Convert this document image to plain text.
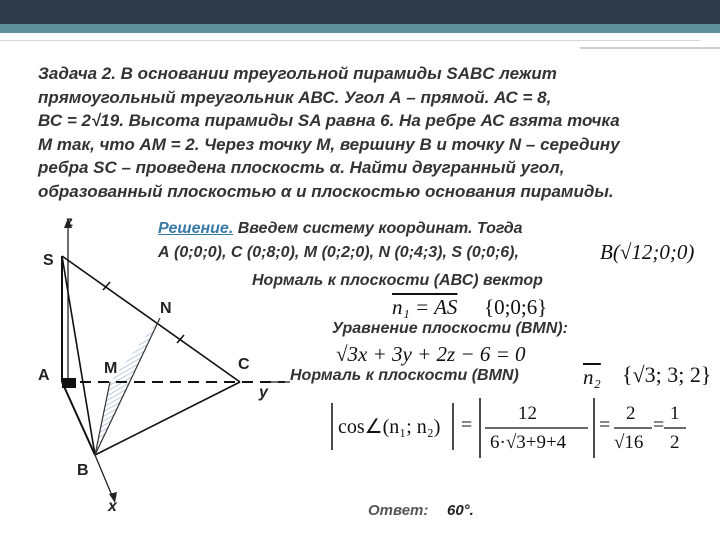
Задача 2. В основании треугольной пирамиды SABC лежит
прямоугольный треугольник АВС. Угол А – прямой. АС = 8,
ВС = 2√19. Высота пирамиды SA равна 6. На ребре АС взята точка
М так, что АМ = 2. Через точку М, вершину В и точку N – середину
ребра SC – проведена плоскость α. Найти двугранный угол,
образованный плоскостью α и плоскостью основания пирамиды.
z
S
A	M
N
C
y
B
x
Решение. Введем систему координат. Тогда
А (0;0;0), С (0;8;0), М (0;2;0), N (0;4;3), S (0;0;6),	B(√12;0;0)
Нормаль к плоскости (АВС) вектор
n₁ = AS {0;0;6}
Уравнение плоскости (BMN):
√3x + 3y + 2z − 6 = 0
Нормаль к плоскости (BMN)	n₂ {√3; 3; 2}
cos∠(n₁; n₂) =
12
6·√3+9+4
=
2
√16
=
1
2
Ответ: 60°.
